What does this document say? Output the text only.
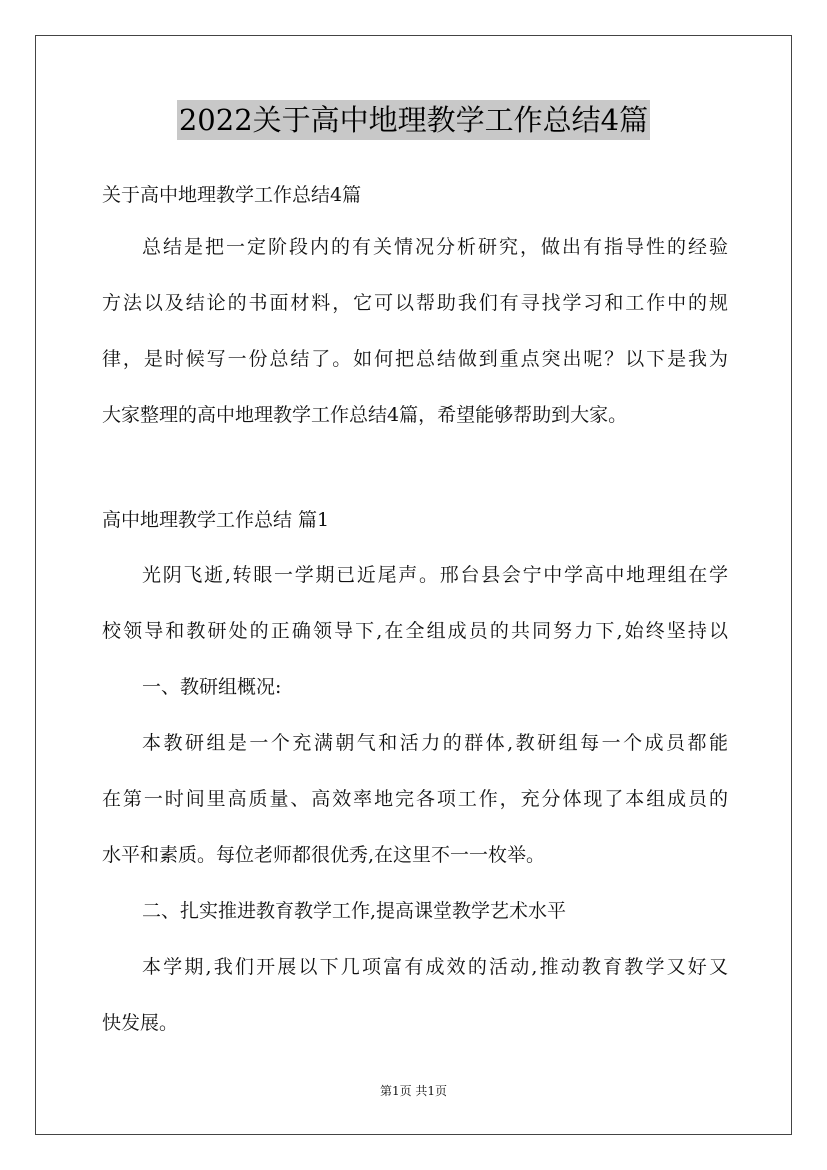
2022关于高中地理教学工作总结4篇
关于高中地理教学工作总结4篇
总结是把一定阶段内的有关情况分析研究，做出有指导性的经验
方法以及结论的书面材料，它可以帮助我们有寻找学习和工作中的规
律，是时候写一份总结了。如何把总结做到重点突出呢？以下是我为
大家整理的高中地理教学工作总结4篇，希望能够帮助到大家。
高中地理教学工作总结 篇1
光阴飞逝,转眼一学期已近尾声。邢台县会宁中学高中地理组在学
校领导和教研处的正确领导下,在全组成员的共同努力下,始终坚持以
一、教研组概况:
本教研组是一个充满朝气和活力的群体,教研组每一个成员都能
在第一时间里高质量、高效率地完各项工作，充分体现了本组成员的
水平和素质。每位老师都很优秀,在这里不一一枚举。
二、扎实推进教育教学工作,提高课堂教学艺术水平
本学期,我们开展以下几项富有成效的活动,推动教育教学又好又
快发展。
第1页 共1页
